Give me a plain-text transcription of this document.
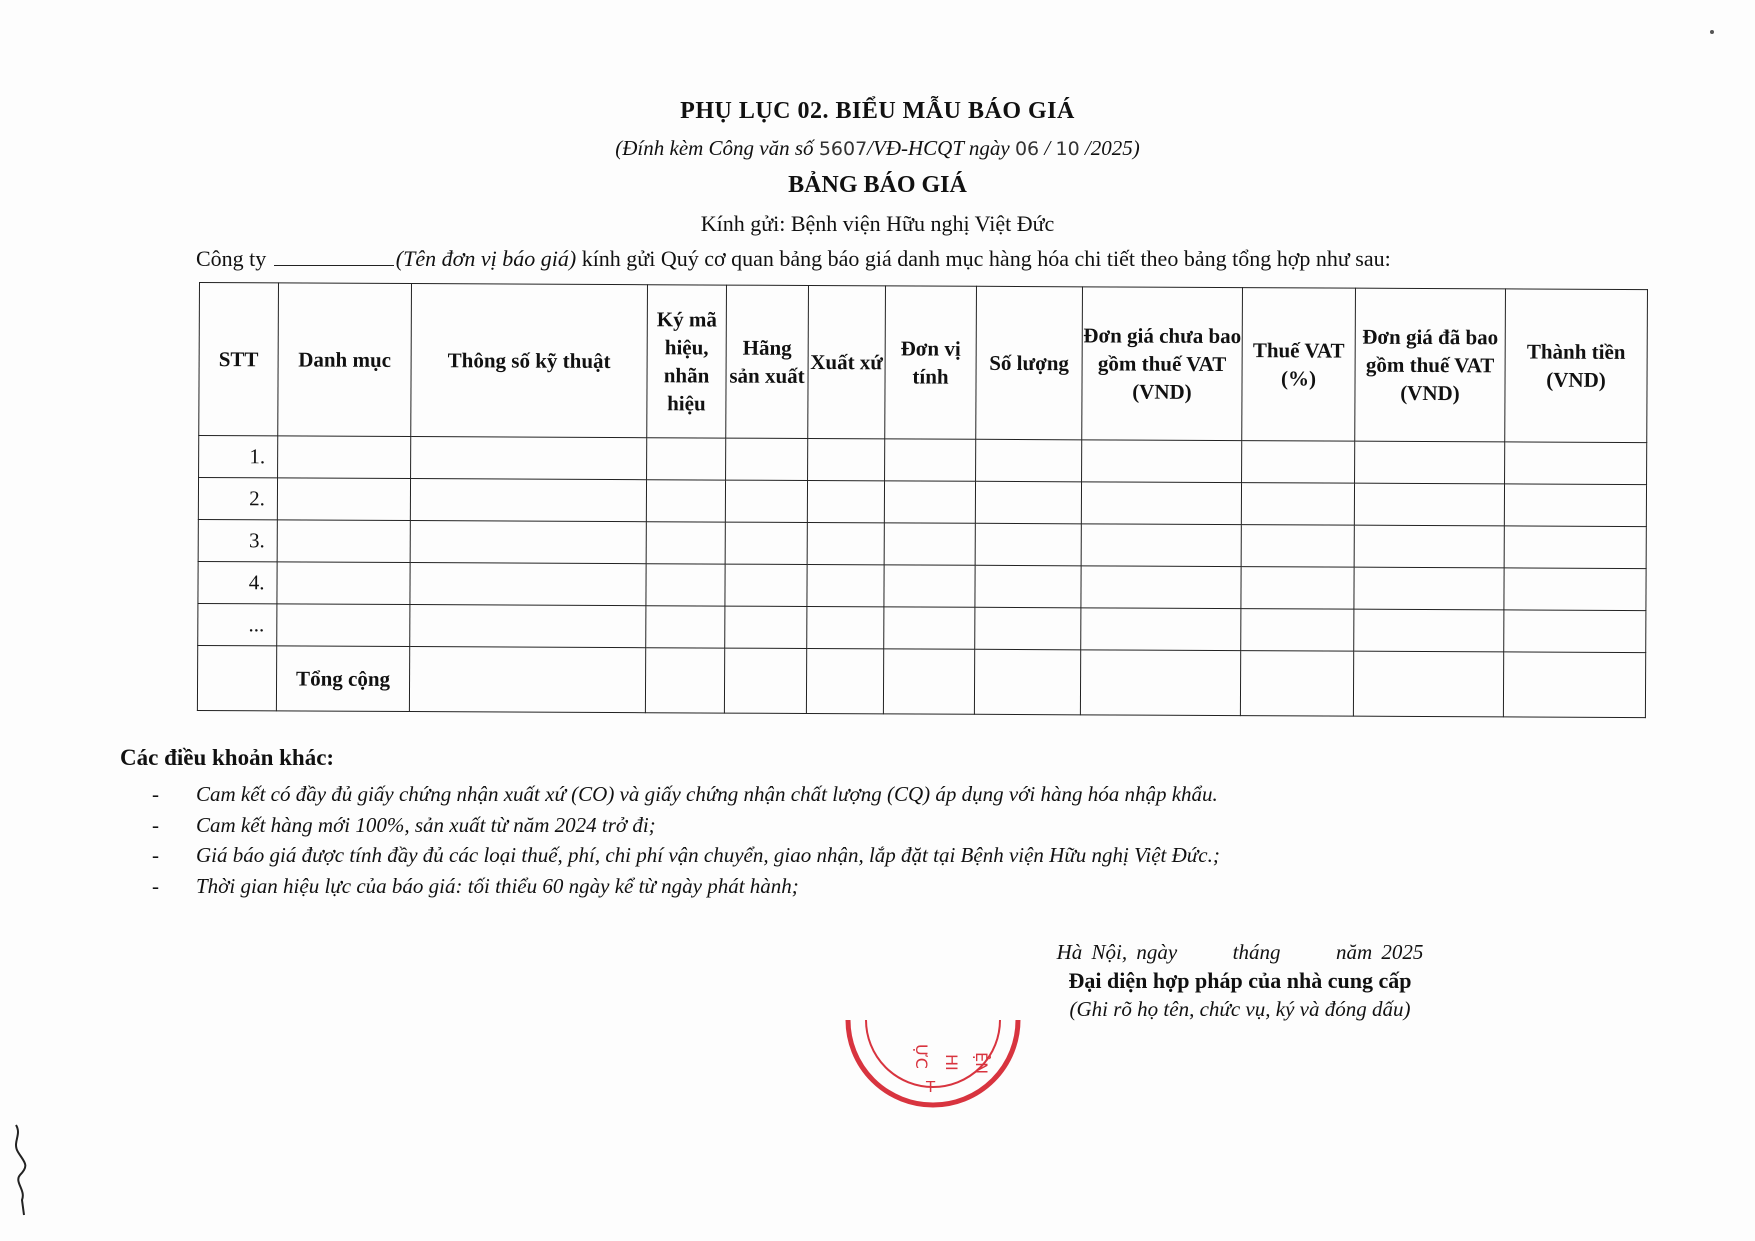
PHỤ LỤC 02. BIỂU MẪU BÁO GIÁ
(Đính kèm Công văn số 5607/VĐ-HCQT ngày 06 / 10 /2025)
BẢNG BÁO GIÁ
Kính gửi: Bệnh viện Hữu nghị Việt Đức
Công ty	(Tên đơn vị báo giá) kính gửi Quý cơ quan bảng báo giá danh mục hàng hóa chi tiết theo bảng tổng hợp như sau:
STT	Danh mục	Thông số kỹ thuật	Ký mã hiệu, nhãn hiệu	Hãng sản xuất	Xuất xứ	Đơn vị tính	Số lượng	Đơn giá chưa bao gồm thuế VAT (VND)	Thuế VAT (%)	Đơn giá đã bao gồm thuế VAT (VND)	Thành tiền (VND)
1.											
2.											
3.											
4.											
...											
	Tổng cộng										
Các điều khoản khác:
- Cam kết có đầy đủ giấy chứng nhận xuất xứ (CO) và giấy chứng nhận chất lượng (CQ) áp dụng với hàng hóa nhập khẩu.
- Cam kết hàng mới 100%, sản xuất từ năm 2024 trở đi;
- Giá báo giá được tính đầy đủ các loại thuế, phí, chi phí vận chuyển, giao nhận, lắp đặt tại Bệnh viện Hữu nghị Việt Đức.;
- Thời gian hiệu lực của báo giá: tối thiểu 60 ngày kể từ ngày phát hành;
Hà Nội, ngày      tháng      năm 2025
Đại diện hợp pháp của nhà cung cấp
(Ghi rõ họ tên, chức vụ, ký và đóng dấu)
ỆN
HI
ỰC
T
